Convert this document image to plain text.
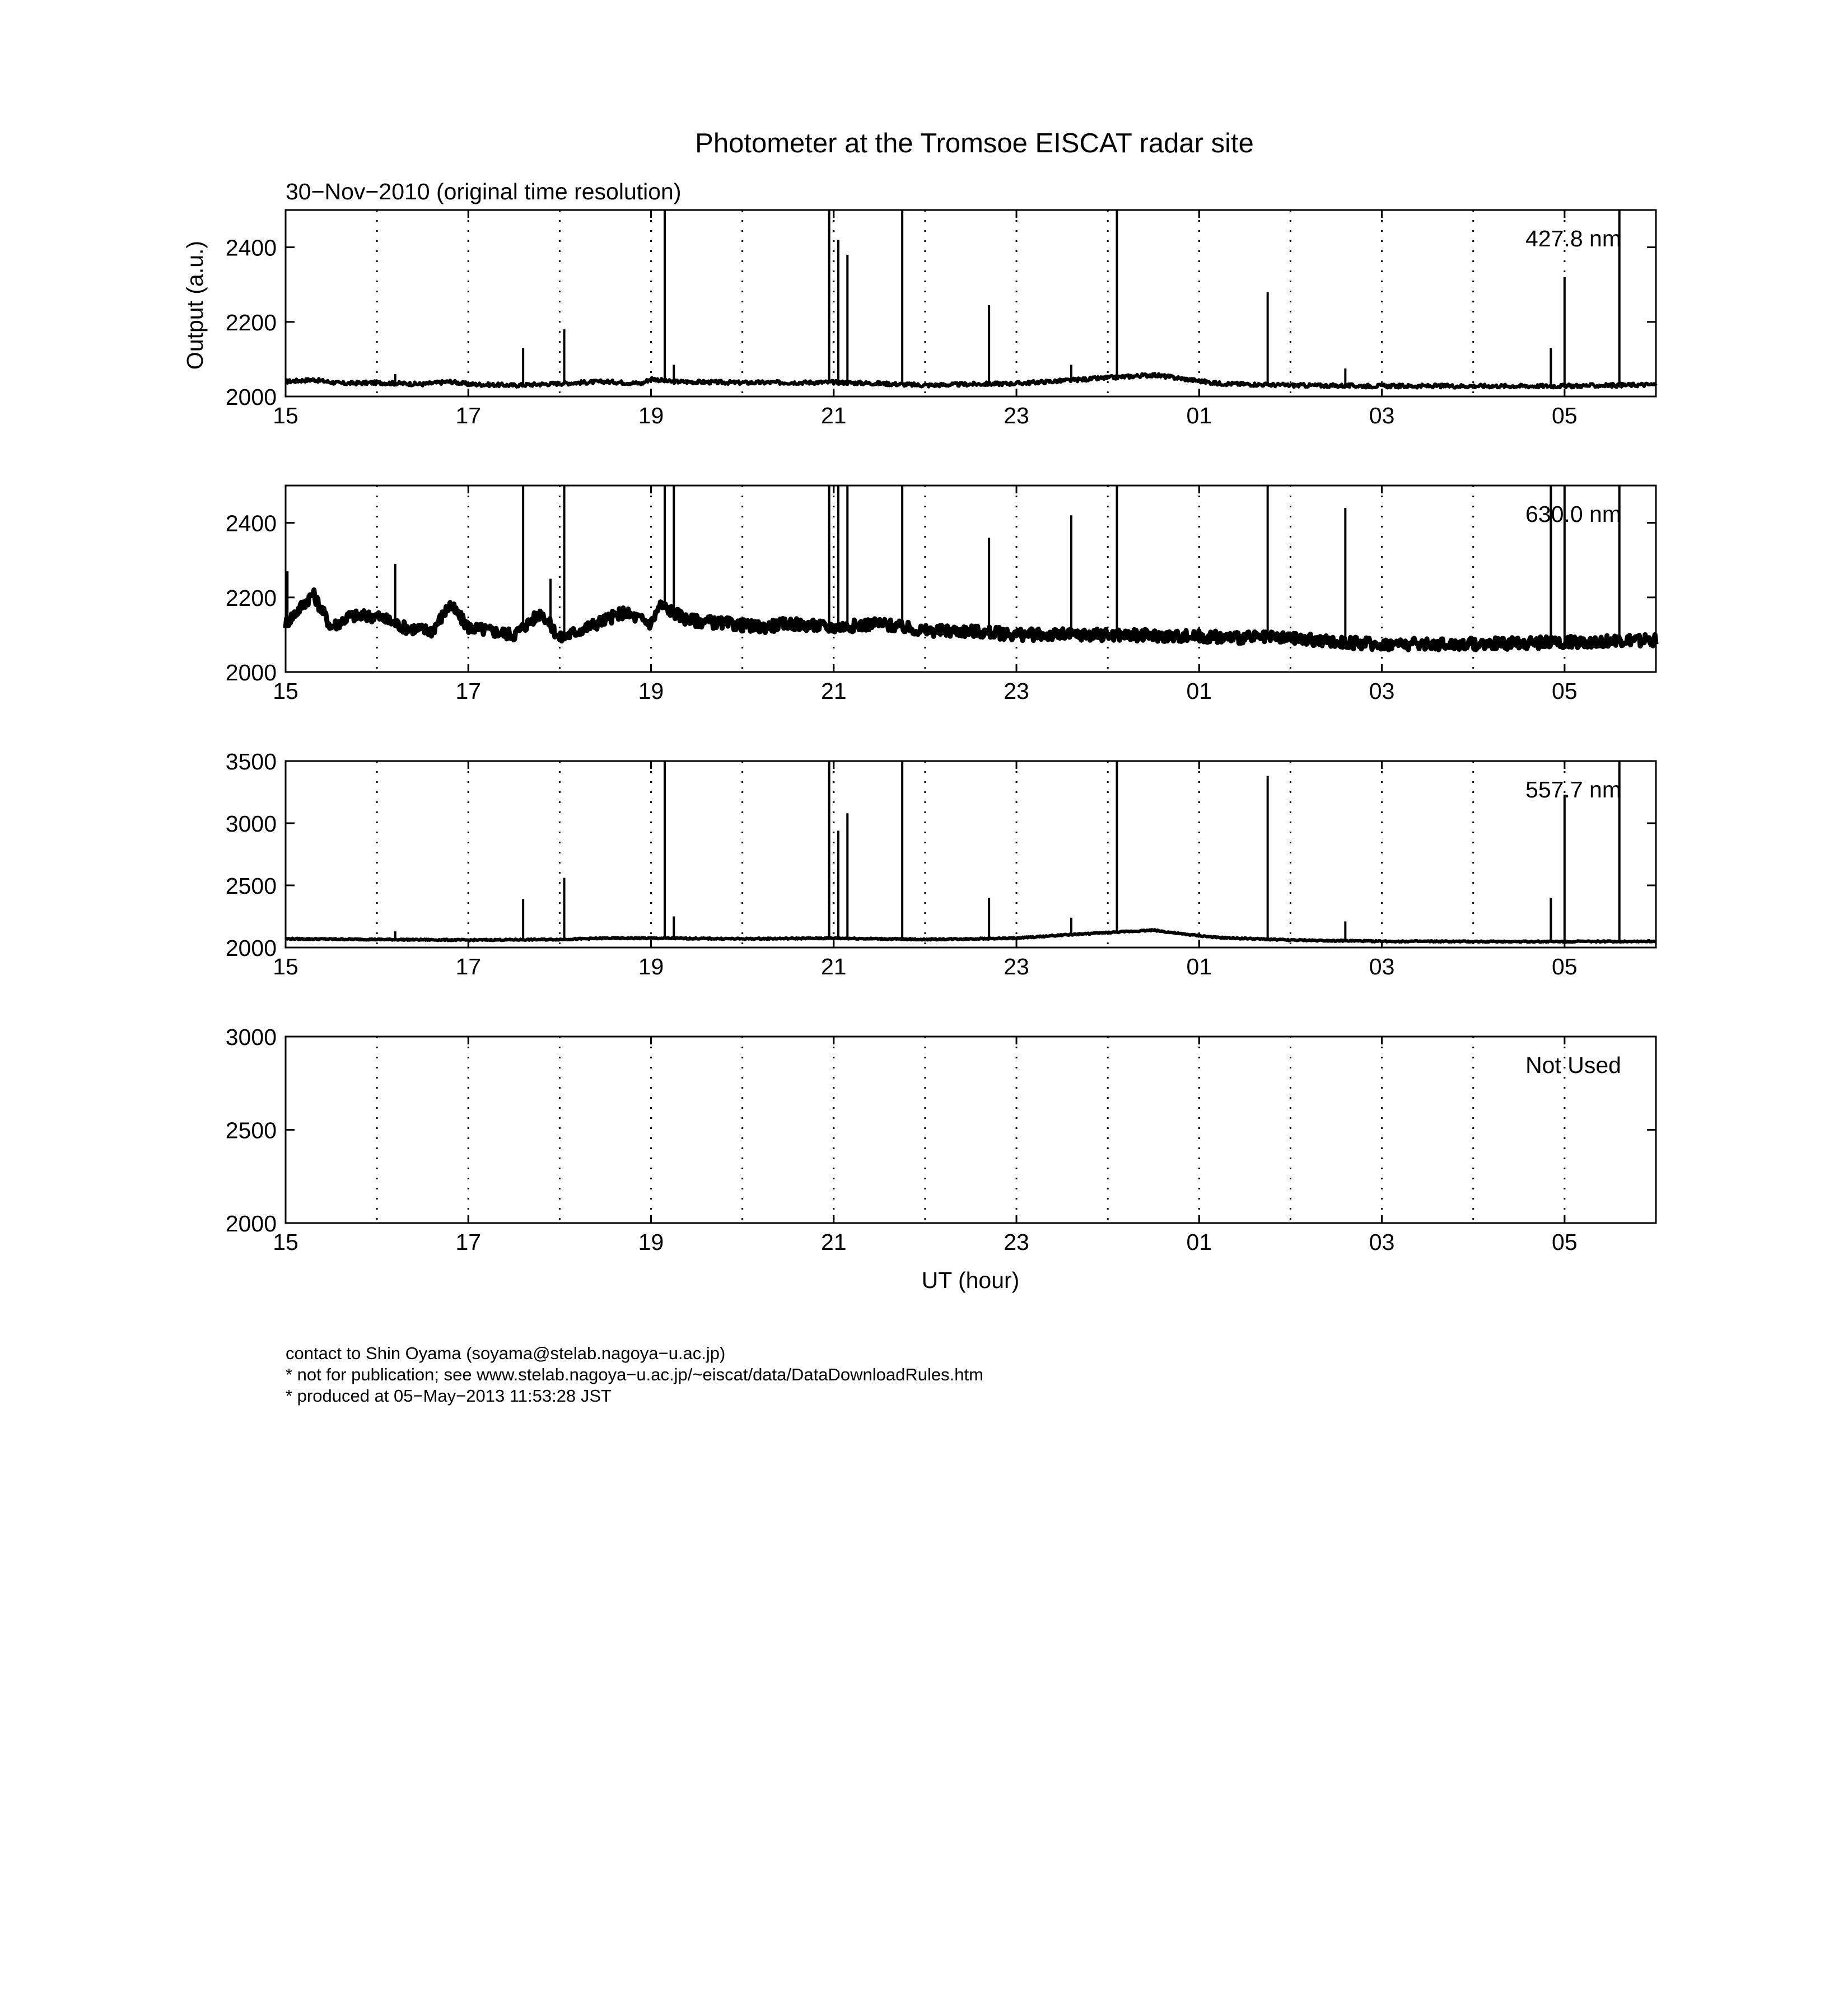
Photometer at the Tromsoe EISCAT radar site
30−Nov−2010 (original time resolution)
Output (a.u.)
UT (hour)
15	17	19	21	23	01	03	05
2000
2200
2400	427.8 nm
15	17	19	21	23	01	03	05
2000
2200
2400	630.0 nm
15	17	19	21	23	01	03	05
2000
2500
3000
3500
557.7 nm
15	17	19	21	23	01	03	05
2000
2500
3000
Not Used
contact to Shin Oyama (soyama@stelab.nagoya−u.ac.jp)
* not for publication; see www.stelab.nagoya−u.ac.jp/~eiscat/data/DataDownloadRules.htm
* produced at 05−May−2013 11:53:28 JST
